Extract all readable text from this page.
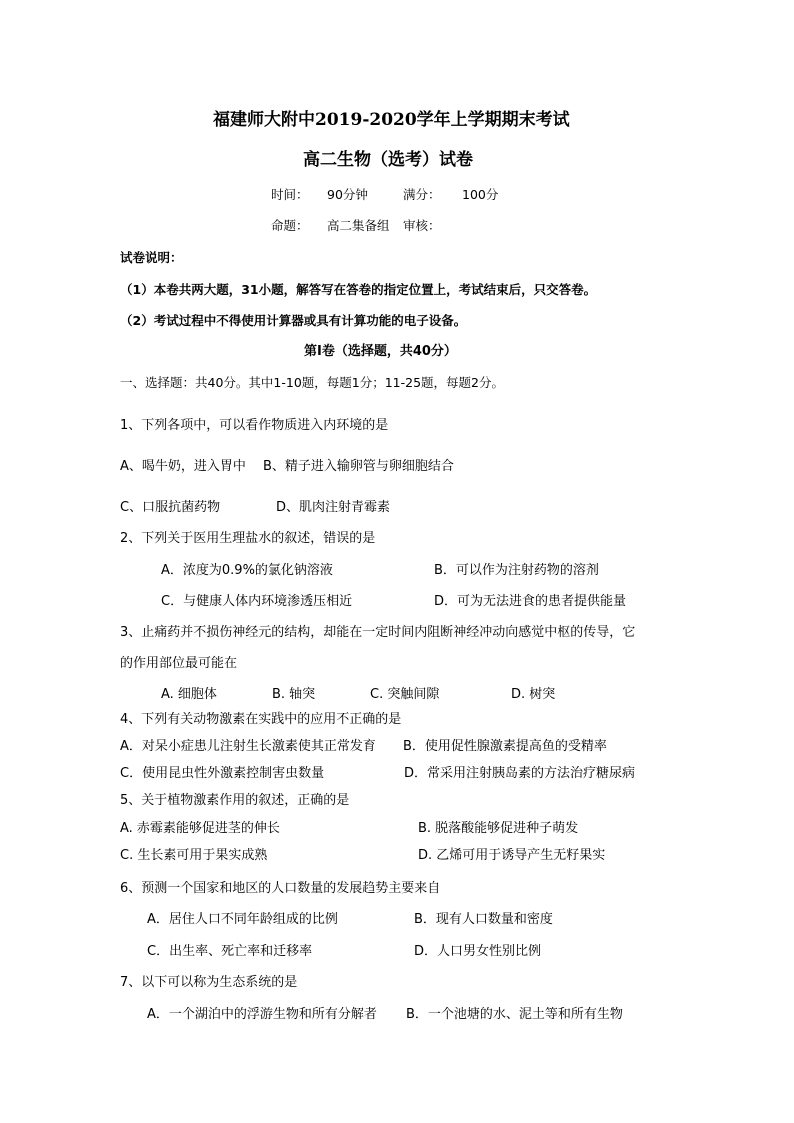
福建师大附中2019-2020学年上学期期末考试
高二生物（选考）试卷
时间： 90分钟	满分： 100分
命题： 高二集备组 审核：
试卷说明：
（1）本卷共两大题，31小题，解答写在答卷的指定位置上，考试结束后，只交答卷。
（2）考试过程中不得使用计算器或具有计算功能的电子设备。
第Ⅰ卷（选择题，共40分）
一、选择题：共40分。其中1-10题，每题1分；11-25题，每题2分。
1、下列各项中，可以看作物质进入内环境的是
A、喝牛奶，进入胃中 B、精子进入输卵管与卵细胞结合
C、口服抗菌药物	D、肌肉注射青霉素
2、下列关于医用生理盐水的叙述，错误的是
A．浓度为0.9%的氯化钠溶液	B．可以作为注射药物的溶剂
C．与健康人体内环境渗透压相近	D．可为无法进食的患者提供能量
3、止痛药并不损伤神经元的结构，却能在一定时间内阻断神经冲动向感觉中枢的传导，它
的作用部位最可能在
A. 细胞体	B. 轴突	C. 突触间隙	D. 树突
4、下列有关动物激素在实践中的应用不正确的是
A．对呆小症患儿注射生长激素使其正常发育 B．使用促性腺激素提高鱼的受精率
C．使用昆虫性外激素控制害虫数量	D．常采用注射胰岛素的方法治疗糖尿病
5、关于植物激素作用的叙述，正确的是
A. 赤霉素能够促进茎的伸长	B. 脱落酸能够促进种子萌发
C. 生长素可用于果实成熟	D. 乙烯可用于诱导产生无籽果实
6、预测一个国家和地区的人口数量的发展趋势主要来自
A．居住人口不同年龄组成的比例	B．现有人口数量和密度
C．出生率、死亡率和迁移率	D．人口男女性别比例
7、以下可以称为生态系统的是
A．一个湖泊中的浮游生物和所有分解者 B．一个池塘的水、泥土等和所有生物
